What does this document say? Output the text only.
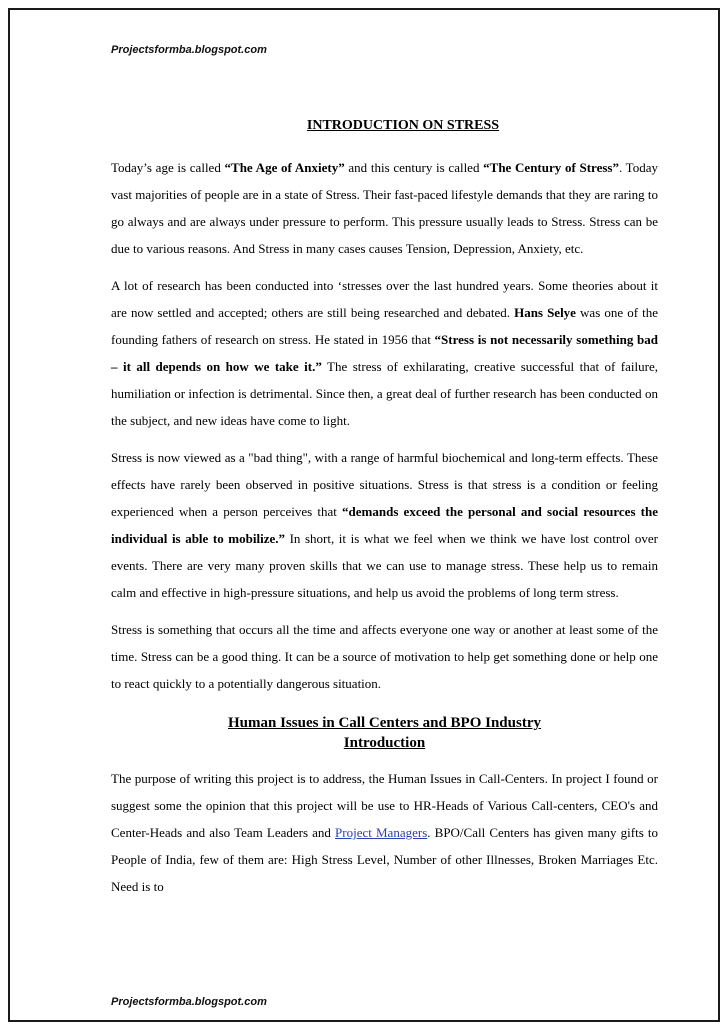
Projectsformba.blogspot.com
INTRODUCTION ON STRESS

Today’s age is called “The Age of Anxiety” and this century is called “The Century of Stress”. Today vast majorities of people are in a state of Stress. Their fast-paced lifestyle demands that they are raring to go always and are always under pressure to perform. This pressure usually leads to Stress. Stress can be due to various reasons. And Stress in many cases causes Tension, Depression, Anxiety, etc.

A lot of research has been conducted into ‘stresses over the last hundred years. Some theories about it are now settled and accepted; others are still being researched and debated. Hans Selye was one of the founding fathers of research on stress. He stated in 1956 that “Stress is not necessarily something bad – it all depends on how we take it.” The stress of exhilarating, creative successful that of failure, humiliation or infection is detrimental. Since then, a great deal of further research has been conducted on the subject, and new ideas have come to light.

Stress is now viewed as a "bad thing", with a range of harmful biochemical and long-term effects. These effects have rarely been observed in positive situations. Stress is that stress is a condition or feeling experienced when a person perceives that “demands exceed the personal and social resources the individual is able to mobilize.” In short, it is what we feel when we think we have lost control over events. There are very many proven skills that we can use to manage stress. These help us to remain calm and effective in high-pressure situations, and help us avoid the problems of long term stress.

Stress is something that occurs all the time and affects everyone one way or another at least some of the time. Stress can be a good thing. It can be a source of motivation to help get something done or help one to react quickly to a potentially dangerous situation.

Human Issues in Call Centers and BPO Industry
Introduction

The purpose of writing this project is to address, the Human Issues in Call-Centers. In project I found or suggest some the opinion that this project will be use to HR-Heads of Various Call-centers, CEO's and Center-Heads and also Team Leaders and Project Managers. BPO/Call Centers has given many gifts to People of India, few of them are: High Stress Level, Number of other Illnesses, Broken Marriages Etc. Need is to

Projectsformba.blogspot.com
